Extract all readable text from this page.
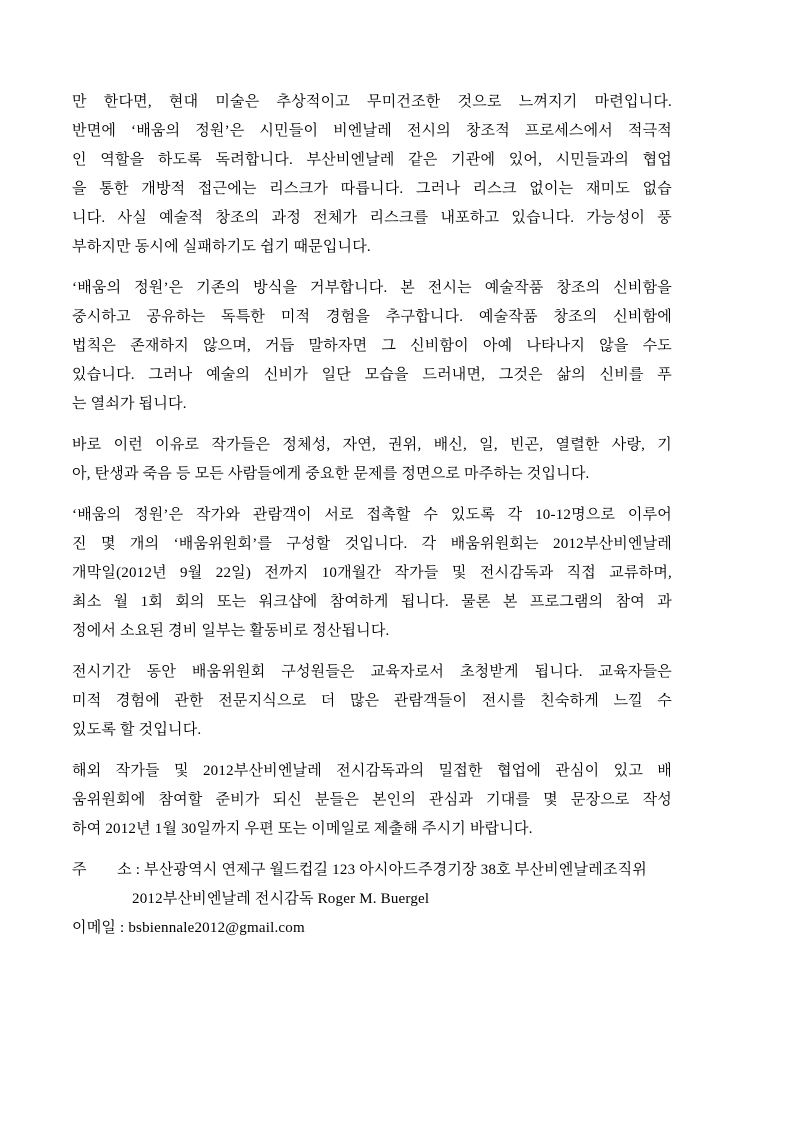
만 한다면, 현대 미술은 추상적이고 무미건조한 것으로 느껴지기 마련입니다.
반면에 ‘배움의 정원’은 시민들이 비엔날레 전시의 창조적 프로세스에서 적극적
인 역할을 하도록 독려합니다. 부산비엔날레 같은 기관에 있어, 시민들과의 협업
을 통한 개방적 접근에는 리스크가 따릅니다. 그러나 리스크 없이는 재미도 없습
니다. 사실 예술적 창조의 과정 전체가 리스크를 내포하고 있습니다. 가능성이 풍
부하지만 동시에 실패하기도 쉽기 때문입니다.
‘배움의 정원’은 기존의 방식을 거부합니다. 본 전시는 예술작품 창조의 신비함을
중시하고 공유하는 독특한 미적 경험을 추구합니다. 예술작품 창조의 신비함에
법칙은 존재하지 않으며, 거듭 말하자면 그 신비함이 아예 나타나지 않을 수도
있습니다. 그러나 예술의 신비가 일단 모습을 드러내면, 그것은 삶의 신비를 푸
는 열쇠가 됩니다.
바로 이런 이유로 작가들은 정체성, 자연, 권위, 배신, 일, 빈곤, 열렬한 사랑, 기
아, 탄생과 죽음 등 모든 사람들에게 중요한 문제를 정면으로 마주하는 것입니다.
‘배움의 정원’은 작가와 관람객이 서로 접촉할 수 있도록 각 10-12명으로 이루어
진 몇 개의 ‘배움위원회’를 구성할 것입니다. 각 배움위원회는 2012부산비엔날레
개막일(2012년 9월 22일) 전까지 10개월간 작가들 및 전시감독과 직접 교류하며,
최소 월 1회 회의 또는 워크샵에 참여하게 됩니다. 물론 본 프로그램의 참여 과
정에서 소요된 경비 일부는 활동비로 정산됩니다.
전시기간 동안 배움위원회 구성원들은 교육자로서 초청받게 됩니다. 교육자들은
미적 경험에 관한 전문지식으로 더 많은 관람객들이 전시를 친숙하게 느낄 수
있도록 할 것입니다.
해외 작가들 및 2012부산비엔날레 전시감독과의 밀접한 협업에 관심이 있고 배
움위원회에 참여할 준비가 되신 분들은 본인의 관심과 기대를 몇 문장으로 작성
하여 2012년 1월 30일까지 우편 또는 이메일로 제출해 주시기 바랍니다.
주　　소 : 부산광역시 연제구 월드컵길 123 아시아드주경기장 38호 부산비엔날레조직위
2012부산비엔날레 전시감독 Roger M. Buergel
이메일 : bsbiennale2012@gmail.com
